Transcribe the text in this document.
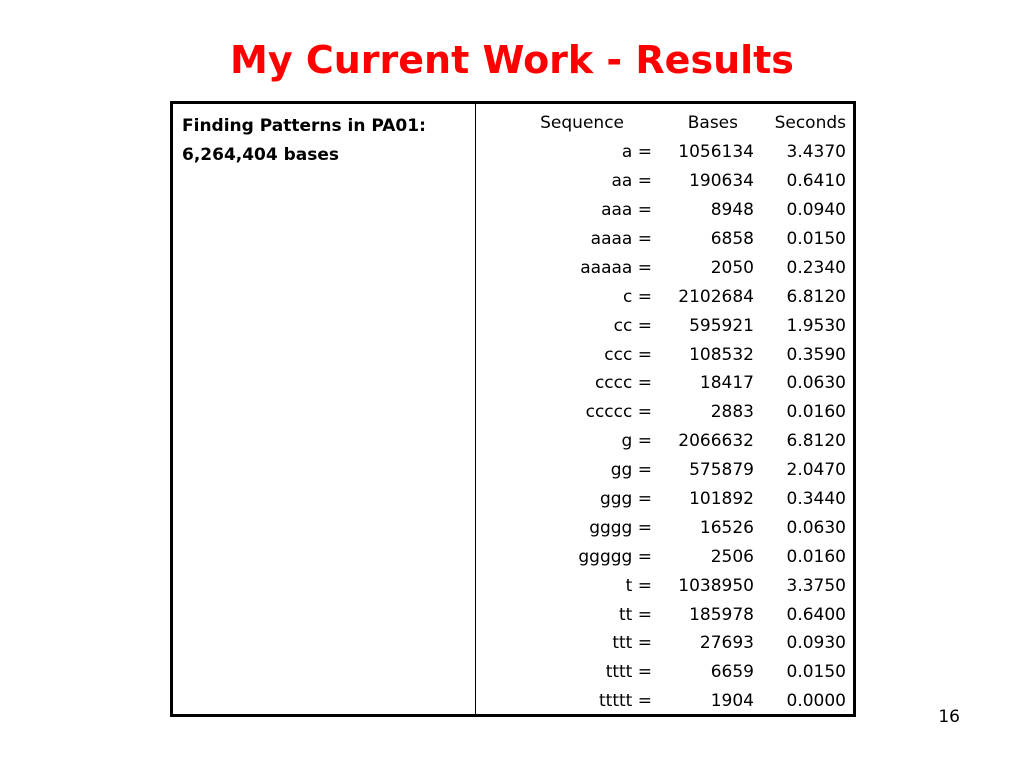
My Current Work - Results
Finding Patterns in PA01:
6,264,404 bases
Sequence	Bases	Seconds
a =	1056134	3.4370
aa =	190634	0.6410
aaa =	8948	0.0940
aaaa =	6858	0.0150
aaaaa =	2050	0.2340
c =	2102684	6.8120
cc =	595921	1.9530
ccc =	108532	0.3590
cccc =	18417	0.0630
ccccc =	2883	0.0160
g =	2066632	6.8120
gg =	575879	2.0470
ggg =	101892	0.3440
gggg =	16526	0.0630
ggggg =	2506	0.0160
t =	1038950	3.3750
tt =	185978	0.6400
ttt =	27693	0.0930
tttt =	6659	0.0150
ttttt =	1904	0.0000
16
